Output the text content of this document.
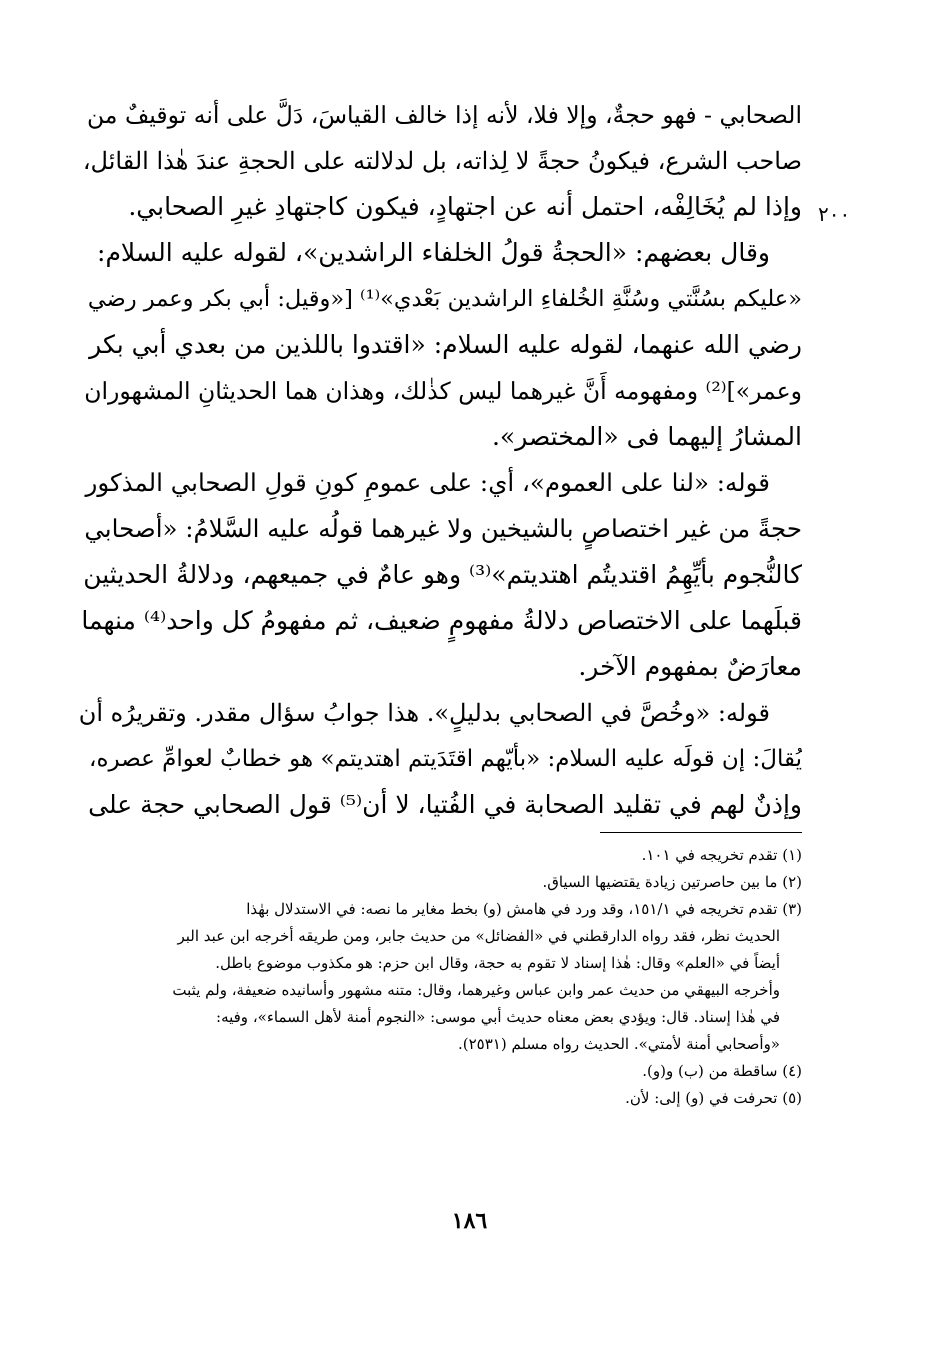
٢٠٠
الصحابي - فهو حجةٌ، وإلا فلا، لأنه إذا خالف القياسَ، دَلَّ على أنه توقيفٌ من
صاحب الشرع، فيكونُ حجةً لا لِذاته، بل لدلالته على الحجةِ عندَ هٰذا القائل،
وإذا لم يُخَالِفْه، احتمل أنه عن اجتهادٍ، فيكون كاجتهادِ غيرِ الصحابي.
وقال بعضهم: «الحجةُ قولُ الخلفاء الراشدين»، لقوله عليه السلام:
«عليكم بسُنَّتي وسُنَّةِ الخُلفاءِ الراشدين بَعْدي»⁽¹⁾ [«وقيل: أبي بكر وعمر رضي
رضي الله عنهما، لقوله عليه السلام: «اقتدوا باللذين من بعدي أبي بكر
وعمر»]⁽²⁾ ومفهومه أَنَّ غيرهما ليس كذٰلك، وهذان هما الحديثانِ المشهوران
المشارُ إليهما فى «المختصر».
قوله: «لنا على العموم»، أي: على عمومِ كونِ قولِ الصحابي المذكور
حجةً من غير اختصاصٍ بالشيخين ولا غيرهما قولُه عليه السَّلامُ: «أصحابي
كالنُّجوم بأيِّهِمُ اقتديتُم اهتديتم»⁽³⁾ وهو عامٌ في جميعهم، ودلالةُ الحديثين
قبلَهما على الاختصاص دلالةُ مفهومٍ ضعيف، ثم مفهومُ كل واحد⁽⁴⁾ منهما
معارَضٌ بمفهوم الآخر.
قوله: «وخُصَّ في الصحابي بدليلٍ». هذا جوابُ سؤال مقدر. وتقريرُه أن
يُقالَ: إن قولَه عليه السلام: «بأيّهم اقتَدَيتم اهتديتم» هو خطابٌ لعوامِّ عصره،
وإذنٌ لهم في تقليد الصحابة في الفُتيا، لا أن⁽⁵⁾ قول الصحابي حجة على
(١) تقدم تخريجه في ١٠١.
(٢) ما بين حاصرتين زيادة يقتضيها السياق.
(٣) تقدم تخريجه في ١٥١/١، وقد ورد في هامش (و) بخط مغاير ما نصه: في الاستدلال بهٰذا
الحديث نظر، فقد رواه الدارقطني في «الفضائل» من حديث جابر، ومن طريقه أخرجه ابن عبد البر
أيضاً في «العلم» وقال: هٰذا إسناد لا تقوم به حجة، وقال ابن حزم: هو مكذوب موضوع باطل.
وأخرجه البيهقي من حديث عمر وابن عباس وغيرهما، وقال: متنه مشهور وأسانيده ضعيفة، ولم يثبت
في هٰذا إسناد. قال: ويؤدي بعض معناه حديث أبي موسى: «النجوم أمنة لأهل السماء»، وفيه:
«وأصحابي أمنة لأمتي». الحديث رواه مسلم (٢٥٣١).
(٤) ساقطة من (ب) و(و).
(٥) تحرفت في (و) إلى: لأن.
١٨٦
